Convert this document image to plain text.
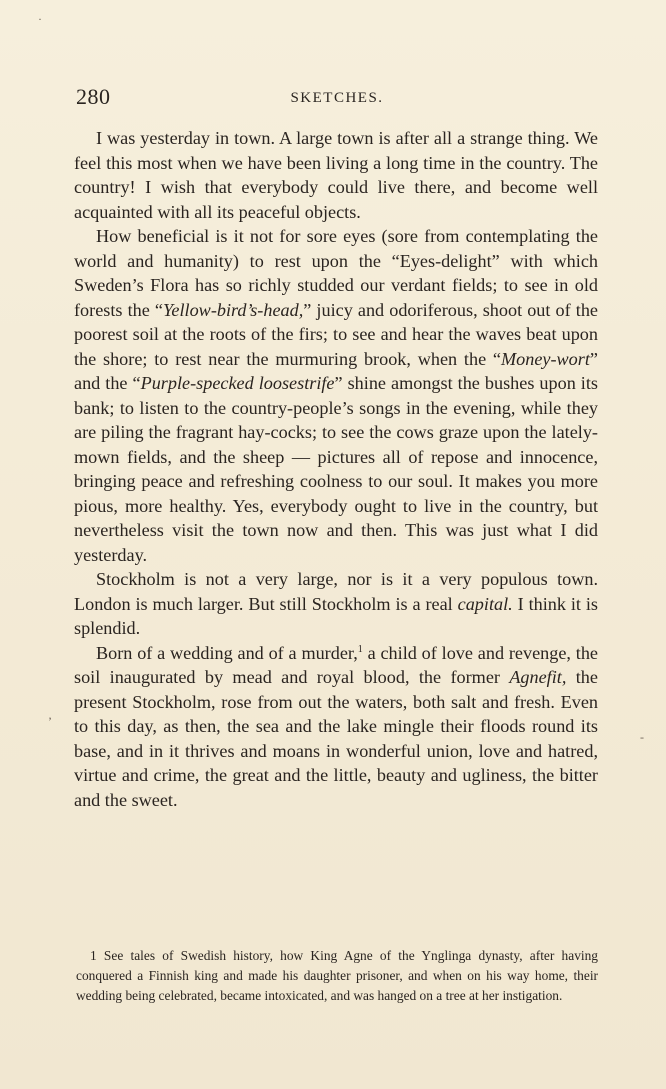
·
’
-
280	SKETCHES.

I was yesterday in town. A large town is after all a strange thing. We feel this most when we have been living a long time in the country. The country! I wish that everybody could live there, and become well acquainted with all its peaceful objects.

How beneficial is it not for sore eyes (sore from contemplating the world and humanity) to rest upon the “Eyes-delight” with which Sweden’s Flora has so richly studded our verdant fields; to see in old forests the “Yellow-bird’s-head,” juicy and odoriferous, shoot out of the poorest soil at the roots of the firs; to see and hear the waves beat upon the shore; to rest near the murmuring brook, when the “Money-wort” and the “Purple-specked loosestrife” shine amongst the bushes upon its bank; to listen to the country-people’s songs in the evening, while they are piling the fragrant hay-cocks; to see the cows graze upon the lately-mown fields, and the sheep — pictures all of repose and innocence, bringing peace and refreshing coolness to our soul. It makes you more pious, more healthy. Yes, everybody ought to live in the country, but nevertheless visit the town now and then. This was just what I did yesterday.

Stockholm is not a very large, nor is it a very populous town. London is much larger. But still Stockholm is a real capital. I think it is splendid.

Born of a wedding and of a murder,$^1$ a child of love and revenge, the soil inaugurated by mead and royal blood, the former Agnefit, the present Stockholm, rose from out the waters, both salt and fresh. Even to this day, as then, the sea and the lake mingle their floods round its base, and in it thrives and moans in wonderful union, love and hatred, virtue and crime, the great and the little, beauty and ugliness, the bitter and the sweet.

1 See tales of Swedish history, how King Agne of the Ynglinga dynasty, after having conquered a Finnish king and made his daughter prisoner, and when on his way home, their wedding being celebrated, became intoxicated, and was hanged on a tree at her instigation.
